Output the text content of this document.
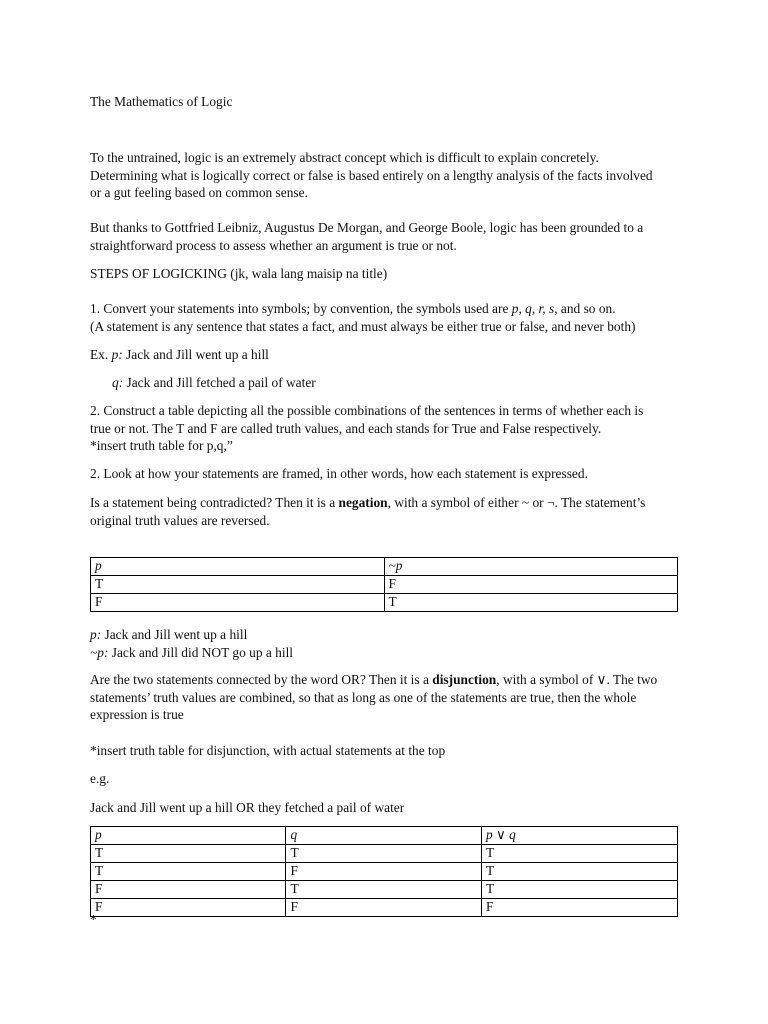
The Mathematics of Logic

To the untrained, logic is an extremely abstract concept which is difficult to explain concretely.
Determining what is logically correct or false is based entirely on a lengthy analysis of the facts involved
or a gut feeling based on common sense.

But thanks to Gottfried Leibniz, Augustus De Morgan, and George Boole, logic has been grounded to a
straightforward process to assess whether an argument is true or not.

STEPS OF LOGICKING (jk, wala lang maisip na title)

1. Convert your statements into symbols; by convention, the symbols used are p, q, r, s, and so on.
(A statement is any sentence that states a fact, and must always be either true or false, and never both)

Ex. p: Jack and Jill went up a hill

q: Jack and Jill fetched a pail of water

2. Construct a table depicting all the possible combinations of the sentences in terms of whether each is
true or not. The T and F are called truth values, and each stands for True and False respectively.
*insert truth table for p,q,”

2. Look at how your statements are framed, in other words, how each statement is expressed.

Is a statement being contradicted? Then it is a negation, with a symbol of either ~ or ¬. The statement’s
original truth values are reversed.

p	~p
T	F
F	T

p: Jack and Jill went up a hill
~p: Jack and Jill did NOT go up a hill

Are the two statements connected by the word OR? Then it is a disjunction, with a symbol of ∨. The two
statements’ truth values are combined, so that as long as one of the statements are true, then the whole
expression is true

*insert truth table for disjunction, with actual statements at the top

e.g.

Jack and Jill went up a hill OR they fetched a pail of water

p	q	p ∨ q
T	T	T
T	F	T
F	T	T
F	F	F

*
